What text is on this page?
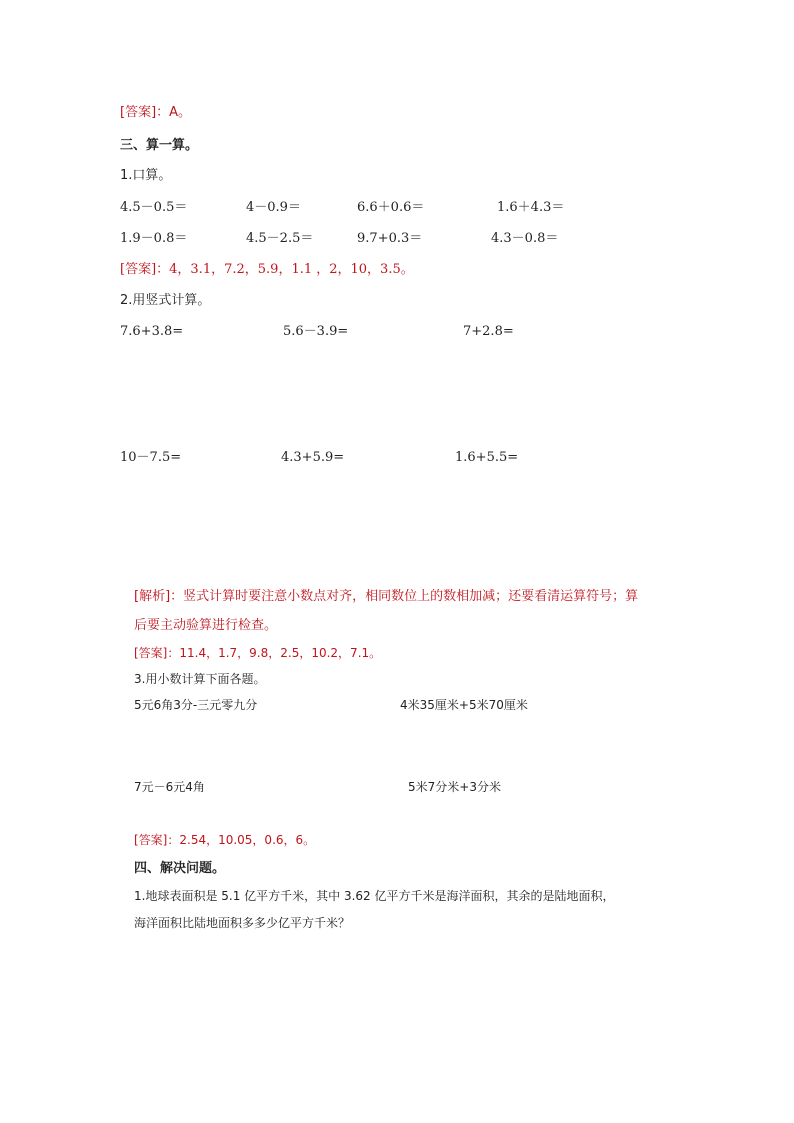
[答案]：A。
三、算一算。
1.口算。
4.5－0.5＝	4－0.9＝	6.6＋0.6＝	1.6＋4.3＝
1.9－0.8＝	4.5－2.5＝	9.7+0.3＝	4.3－0.8＝
[答案]：4，3.1，7.2，5.9，1.1 ，2，10，3.5。
2.用竖式计算。
7.6+3.8=	5.6－3.9=	7+2.8=
10－7.5=	4.3+5.9=	1.6+5.5=
[解析]：竖式计算时要注意小数点对齐，相同数位上的数相加减；还要看清运算符号；算
后要主动验算进行检查。
[答案]：11.4，1.7，9.8，2.5，10.2，7.1。
3.用小数计算下面各题。
5元6角3分-三元零九分	4米35厘米+5米70厘米
7元－6元4角	5米7分米+3分米
[答案]：2.54，10.05，0.6，6。
四、解决问题。
1.地球表面积是 5.1 亿平方千米，其中 3.62 亿平方千米是海洋面积，其余的是陆地面积，
海洋面积比陆地面积多多少亿平方千米？
